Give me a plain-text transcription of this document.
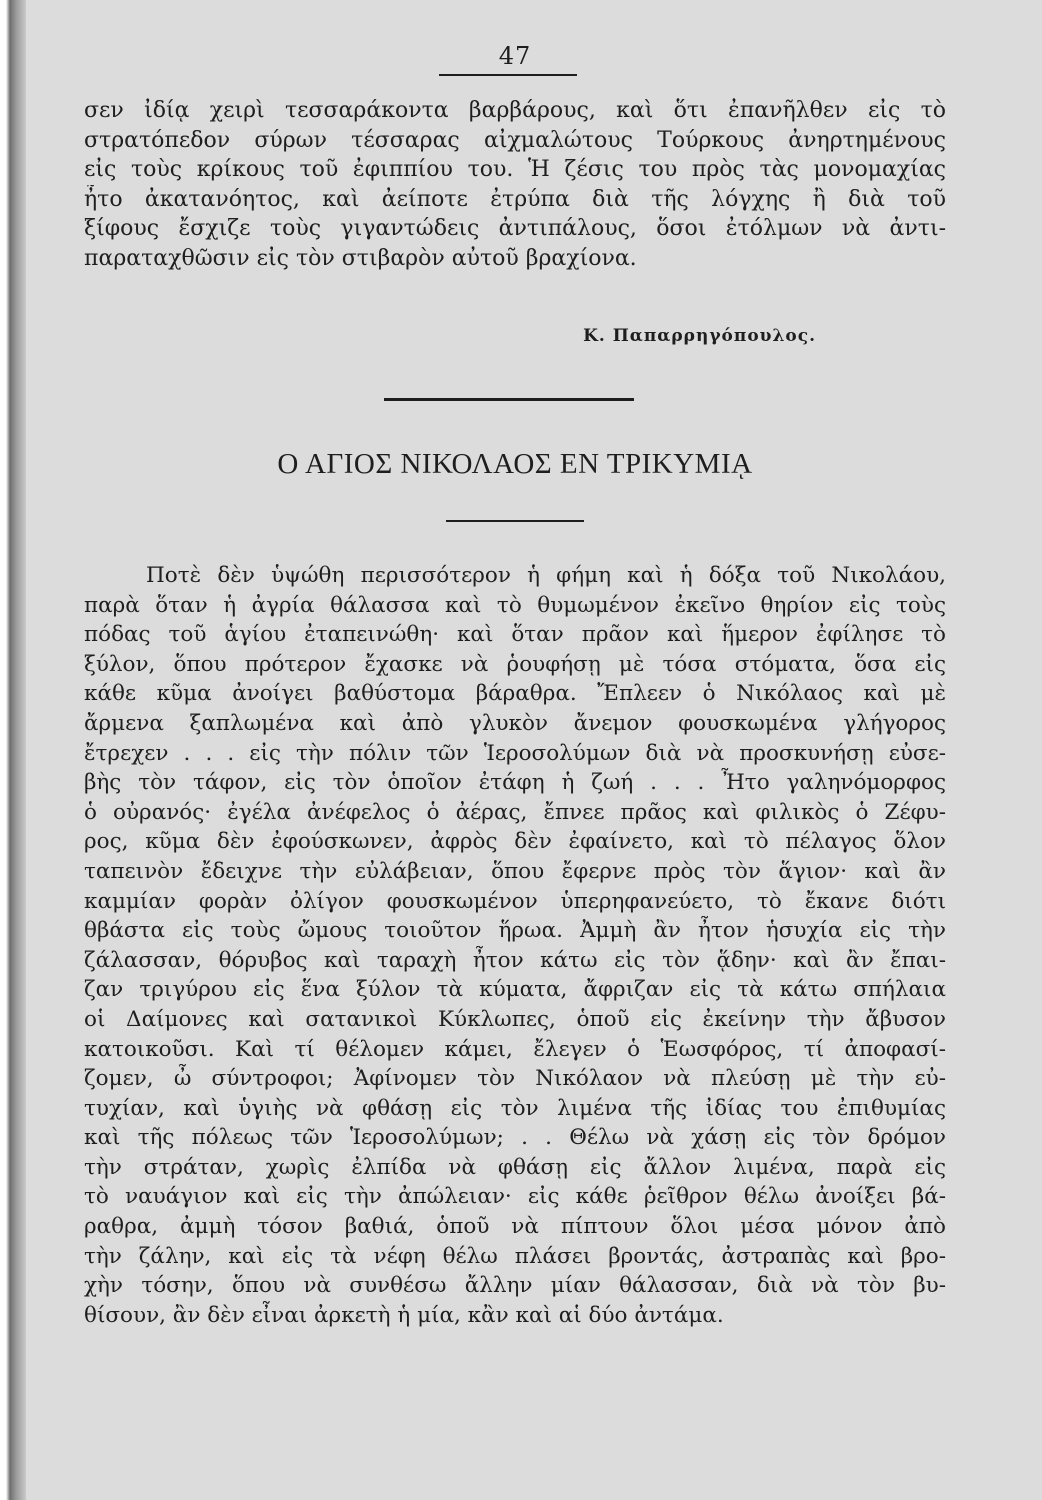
47
σεν ἰδίᾳ χειρὶ τεσσαράκοντα βαρβάρους, καὶ ὅτι ἐπανῆλθεν εἰς τὸ
στρατόπεδον σύρων τέσσαρας αἰχμαλώτους Τούρκους ἀνηρτημένους
εἰς τοὺς κρίκους τοῦ ἐφιππίου του. Ἡ ζέσις του πρὸς τὰς μονομαχίας
ἦτο ἀκατανόητος, καὶ ἀείποτε ἐτρύπα διὰ τῆς λόγχης ἢ διὰ τοῦ
ξίφους ἔσχιζε τοὺς γιγαντώδεις ἀντιπάλους, ὅσοι ἐτόλμων νὰ ἀντι-
παραταχθῶσιν εἰς τὸν στιβαρὸν αὐτοῦ βραχίονα.
Κ. Παπαρρηγόπουλος.
Ο ΑΓΙΟΣ ΝΙΚΟΛΑΟΣ ΕΝ ΤΡΙΚΥΜΙᾼ
Ποτὲ δὲν ὑψώθη περισσότερον ἡ φήμη καὶ ἡ δόξα τοῦ Νικολάου,
παρὰ ὅταν ἡ ἀγρία θάλασσα καὶ τὸ θυμωμένον ἐκεῖνο θηρίον εἰς τοὺς
πόδας τοῦ ἁγίου ἐταπεινώθη· καὶ ὅταν πρᾶον καὶ ἥμερον ἐφίλησε τὸ
ξύλον, ὅπου πρότερον ἔχασκε νὰ ῥουφήσῃ μὲ τόσα στόματα, ὅσα εἰς
κάθε κῦμα ἀνοίγει βαθύστομα βάραθρα. Ἔπλεεν ὁ Νικόλαος καὶ μὲ
ἄρμενα ξαπλωμένα καὶ ἀπὸ γλυκὸν ἄνεμον φουσκωμένα γλήγορος
ἔτρεχεν . . . εἰς τὴν πόλιν τῶν Ἱεροσολύμων διὰ νὰ προσκυνήσῃ εὐσε-
βὴς τὸν τάφον, εἰς τὸν ὁποῖον ἐτάφη ἡ ζωή . . . Ἦτο γαληνόμορφος
ὁ οὐρανός· ἐγέλα ἀνέφελος ὁ ἀέρας, ἔπνεε πρᾶος καὶ φιλικὸς ὁ Ζέφυ-
ρος, κῦμα δὲν ἐφούσκωνεν, ἀφρὸς δὲν ἐφαίνετο, καὶ τὸ πέλαγος ὅλον
ταπεινὸν ἔδειχνε τὴν εὐλάβειαν, ὅπου ἔφερνε πρὸς τὸν ἅγιον· καὶ ἂν
καμμίαν φορὰν ὀλίγον φουσκωμένον ὑπερηφανεύετο, τὸ ἔκανε διότι
θβάστα εἰς τοὺς ὤμους τοιοῦτον ἥρωα. Ἀμμὴ ἂν ἦτον ἡσυχία εἰς τὴν
ζάλασσαν, θόρυβος καὶ ταραχὴ ἦτον κάτω εἰς τὸν ᾅδην· καὶ ἂν ἔπαι-
ζαν τριγύρου εἰς ἕνα ξύλον τὰ κύματα, ἄφριζαν εἰς τὰ κάτω σπήλαια
οἱ Δαίμονες καὶ σατανικοὶ Κύκλωπες, ὁποῦ εἰς ἐκείνην τὴν ἄβυσον
κατοικοῦσι. Καὶ τί θέλομεν κάμει, ἔλεγεν ὁ Ἑωσφόρος, τί ἀποφασί-
ζομεν, ὦ σύντροφοι; Ἀφίνομεν τὸν Νικόλαον νὰ πλεύσῃ μὲ τὴν εὐ-
τυχίαν, καὶ ὑγιὴς νὰ φθάσῃ εἰς τὸν λιμένα τῆς ἰδίας του ἐπιθυμίας
καὶ τῆς πόλεως τῶν Ἱεροσολύμων; . . Θέλω νὰ χάσῃ εἰς τὸν δρόμον
τὴν στράταν, χωρὶς ἐλπίδα νὰ φθάσῃ εἰς ἄλλον λιμένα, παρὰ εἰς
τὸ ναυάγιον καὶ εἰς τὴν ἀπώλειαν· εἰς κάθε ῥεῖθρον θέλω ἀνοίξει βά-
ραθρα, ἀμμὴ τόσον βαθιά, ὁποῦ νὰ πίπτουν ὅλοι μέσα μόνον ἀπὸ
τὴν ζάλην, καὶ εἰς τὰ νέφη θέλω πλάσει βροντάς, ἀστραπὰς καὶ βρο-
χὴν τόσην, ὅπου νὰ συνθέσω ἄλλην μίαν θάλασσαν, διὰ νὰ τὸν βυ-
θίσουν, ἂν δὲν εἶναι ἀρκετὴ ἡ μία, κἂν καὶ αἱ δύο ἀντάμα.
